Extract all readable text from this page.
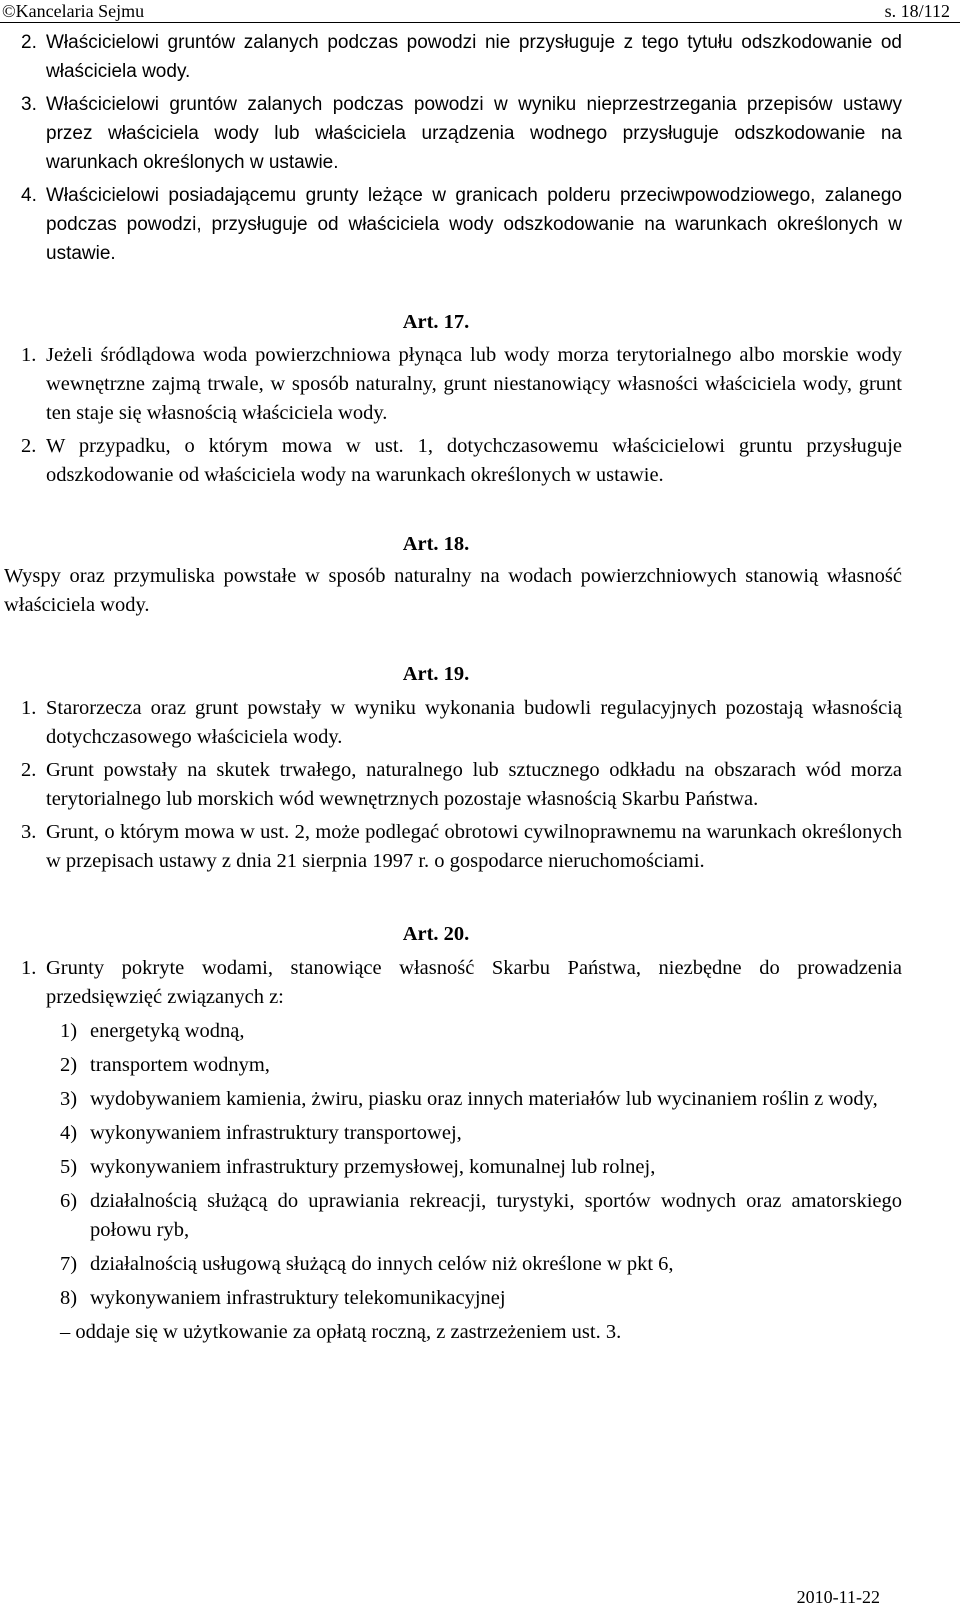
©Kancelaria Sejmu	s. 18/112
2. Właścicielowi gruntów zalanych podczas powodzi nie przysługuje z tego tytułu odszkodowanie od właściciela wody.
3. Właścicielowi gruntów zalanych podczas powodzi w wyniku nieprzestrzegania przepisów ustawy przez właściciela wody lub właściciela urządzenia wodnego przysługuje odszkodowanie na warunkach określonych w ustawie.
4. Właścicielowi posiadającemu grunty leżące w granicach polderu przeciwpowodziowego, zalanego podczas powodzi, przysługuje od właściciela wody odszkodowanie na warunkach określonych w ustawie.

Art. 17.

1. Jeżeli śródlądowa woda powierzchniowa płynąca lub wody morza terytorialnego albo morskie wody wewnętrzne zajmą trwale, w sposób naturalny, grunt niestanowiący własności właściciela wody, grunt ten staje się własnością właściciela wody.
2. W przypadku, o którym mowa w ust. 1, dotychczasowemu właścicielowi gruntu przysługuje odszkodowanie od właściciela wody na warunkach określonych w ustawie.

Art. 18.

Wyspy oraz przymuliska powstałe w sposób naturalny na wodach powierzchniowych stanowią własność właściciela wody.

Art. 19.

1. Starorzecza oraz grunt powstały w wyniku wykonania budowli regulacyjnych pozostają własnością dotychczasowego właściciela wody.
2. Grunt powstały na skutek trwałego, naturalnego lub sztucznego odkładu na obszarach wód morza terytorialnego lub morskich wód wewnętrznych pozostaje własnością Skarbu Państwa.
3. Grunt, o którym mowa w ust. 2, może podlegać obrotowi cywilnoprawnemu na warunkach określonych w przepisach ustawy z dnia 21 sierpnia 1997 r. o gospodarce nieruchomościami.

Art. 20.

1. Grunty pokryte wodami, stanowiące własność Skarbu Państwa, niezbędne do prowadzenia przedsięwzięć związanych z:
1) energetyką wodną,
2) transportem wodnym,
3) wydobywaniem kamienia, żwiru, piasku oraz innych materiałów lub wycinaniem roślin z wody,
4) wykonywaniem infrastruktury transportowej,
5) wykonywaniem infrastruktury przemysłowej, komunalnej lub rolnej,
6) działalnością służącą do uprawiania rekreacji, turystyki, sportów wodnych oraz amatorskiego połowu ryb,
7) działalnością usługową służącą do innych celów niż określone w pkt 6,
8) wykonywaniem infrastruktury telekomunikacyjnej

– oddaje się w użytkowanie za opłatą roczną, z zastrzeżeniem ust. 3.

2010-11-22
